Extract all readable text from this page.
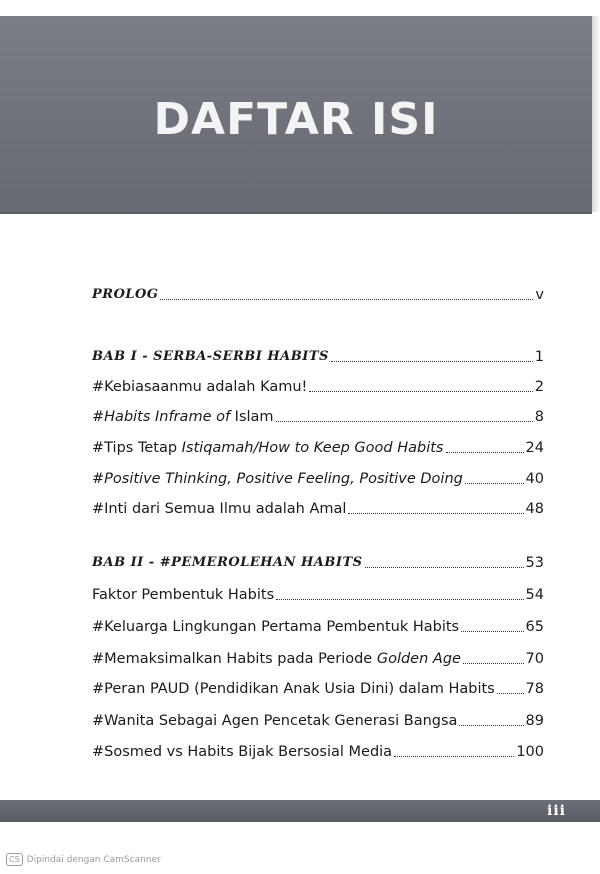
DAFTAR ISI
PROLOG	v
BAB I - SERBA-SERBI HABITS	1
#Kebiasaanmu adalah Kamu!	2
#Habits Inframe of Islam	8
#Tips Tetap Istiqamah/How to Keep Good Habits	24
#Positive Thinking, Positive Feeling, Positive Doing	40
#Inti dari Semua Ilmu adalah Amal	48
BAB II - #PEMEROLEHAN HABITS	53
Faktor Pembentuk Habits	54
#Keluarga Lingkungan Pertama Pembentuk Habits	65
#Memaksimalkan Habits pada Periode Golden Age	70
#Peran PAUD (Pendidikan Anak Usia Dini) dalam Habits 78
#Wanita Sebagai Agen Pencetak Generasi Bangsa	89
#Sosmed vs Habits Bijak Bersosial Media	100
iii
CS Dipindai dengan CamScanner
